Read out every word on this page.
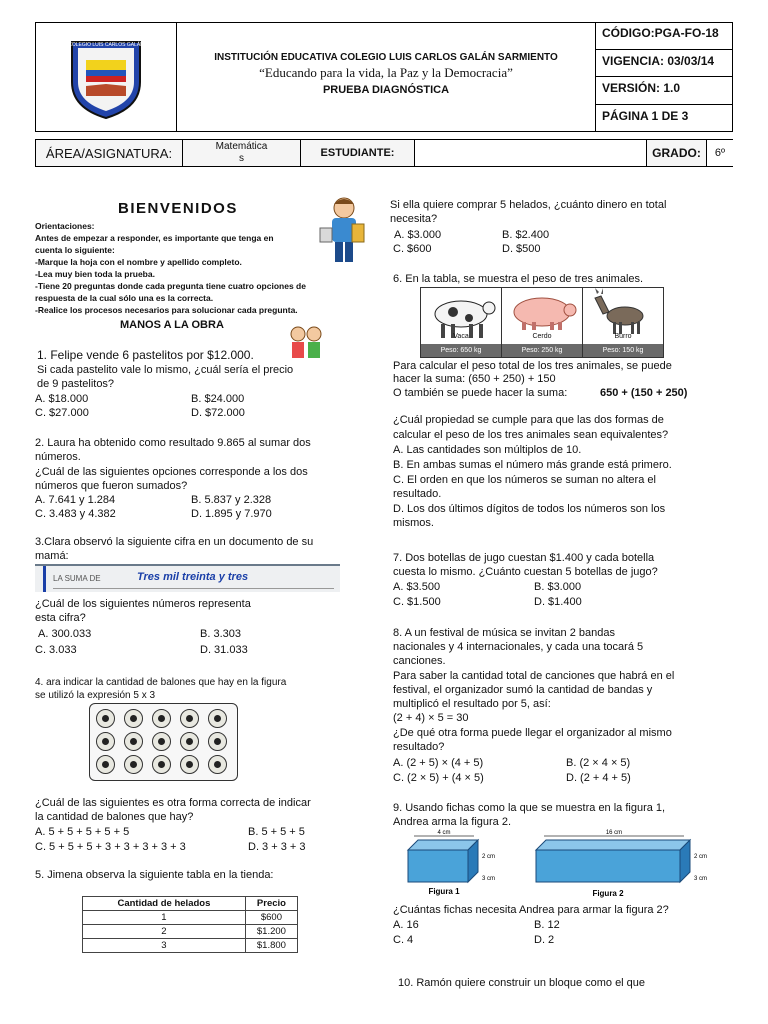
COLEGIO LUIS CARLOS GALÁN
INSTITUCIÓN EDUCATIVA COLEGIO LUIS CARLOS GALÁN SARMIENTO
“Educando para la vida, la Paz y la Democracia”
PRUEBA DIAGNÓSTICA
CÓDIGO:PGA-FO-18
VIGENCIA: 03/03/14
VERSIÓN: 1.0
PÁGINA 1 DE 3
ÁREA/ASIGNATURA:	Matemática
s	ESTUDIANTE:	GRADO:	6º
BIENVENIDOS
Orientaciones:
Antes de empezar a responder, es importante que tenga en
cuenta lo siguiente:
-Marque la hoja con el nombre y apellido completo.
-Lea muy bien toda la prueba.
-Tiene 20 preguntas donde cada pregunta tiene cuatro opciones de
respuesta de la cual sólo una es la correcta.
-Realice los procesos necesarios para solucionar cada pregunta.
MANOS A LA OBRA
1. Felipe vende 6 pastelitos por $12.000.
Si cada pastelito vale lo mismo, ¿cuál sería el precio
de 9 pastelitos?
A. $18.000	B. $24.000
C. $27.000	D. $72.000
2. Laura ha obtenido como resultado 9.865 al sumar dos
números.
¿Cuál de las siguientes opciones corresponde a los dos
números que fueron sumados?
A. 7.641 y 1.284	B. 5.837 y 2.328
C. 3.483 y 4.382	D. 1.895 y 7.970
3.Clara observó la siguiente cifra en un documento de su
mamá:
LA SUMA DE	Tres mil treinta y tres
¿Cuál de los siguientes números representa
esta cifra?
A. 300.033	B. 3.303
C. 3.033	D. 31.033
4. ara indicar la cantidad de balones que hay en la figura
se utilizó la expresión 5 x 3
¿Cuál de las siguientes es otra forma correcta de indicar
la cantidad de balones que hay?
A. 5 + 5 + 5 + 5 + 5	B. 5 + 5 + 5
C. 5 + 5 + 5 + 3 + 3 + 3 + 3 + 3	D. 3 + 3 + 3
5. Jimena observa la siguiente tabla en la tienda:
Cantidad de helados	Precio
1	$600
2	$1.200
3	$1.800
Si ella quiere comprar 5 helados, ¿cuánto dinero en total
necesita?
A. $3.000	B. $2.400
C. $600	D. $500
6. En la tabla, se muestra el peso de tres animales.
Peso: 650 kg
Vaca
Peso: 250 kg
Cerdo
Peso: 150 kg
Burro
Para calcular el peso total de los tres animales, se puede
hacer la suma: (650 + 250) + 150
O también se puede hacer la suma:	650 + (150 + 250)
¿Cuál propiedad se cumple para que las dos formas de
calcular el peso de los tres animales sean equivalentes?
A. Las cantidades son múltiplos de 10.
B. En ambas sumas el número más grande está primero.
C. El orden en que los números se suman no altera el
resultado.
D. Los dos últimos dígitos de todos los números son los
mismos.
7. Dos botellas de jugo cuestan $1.400 y cada botella
cuesta lo mismo. ¿Cuánto cuestan 5 botellas de jugo?
A. $3.500	B. $3.000
C. $1.500	D. $1.400
8. A un festival de música se invitan 2 bandas
nacionales y 4 internacionales, y cada una tocará 5
canciones.
Para saber la cantidad total de canciones que habrá en el
festival, el organizador sumó la cantidad de bandas y
multiplicó el resultado por 5, así:
(2 + 4) × 5 = 30
¿De qué otra forma puede llegar el organizador al mismo
resultado?
A. (2 + 5) × (4 + 5)	B. (2 × 4 × 5)
C. (2 × 5) + (4 × 5)	D. (2 + 4 + 5)
9. Usando fichas como la que se muestra en la figura 1,
Andrea arma la figura 2.
4 cm
2 cm
3 cm
Figura 1
16 cm
2 cm
3 cm
Figura 2
¿Cuántas fichas necesita Andrea para armar la figura 2?
A. 16	B. 12
C. 4	D. 2
10. Ramón quiere construir un bloque como el que
